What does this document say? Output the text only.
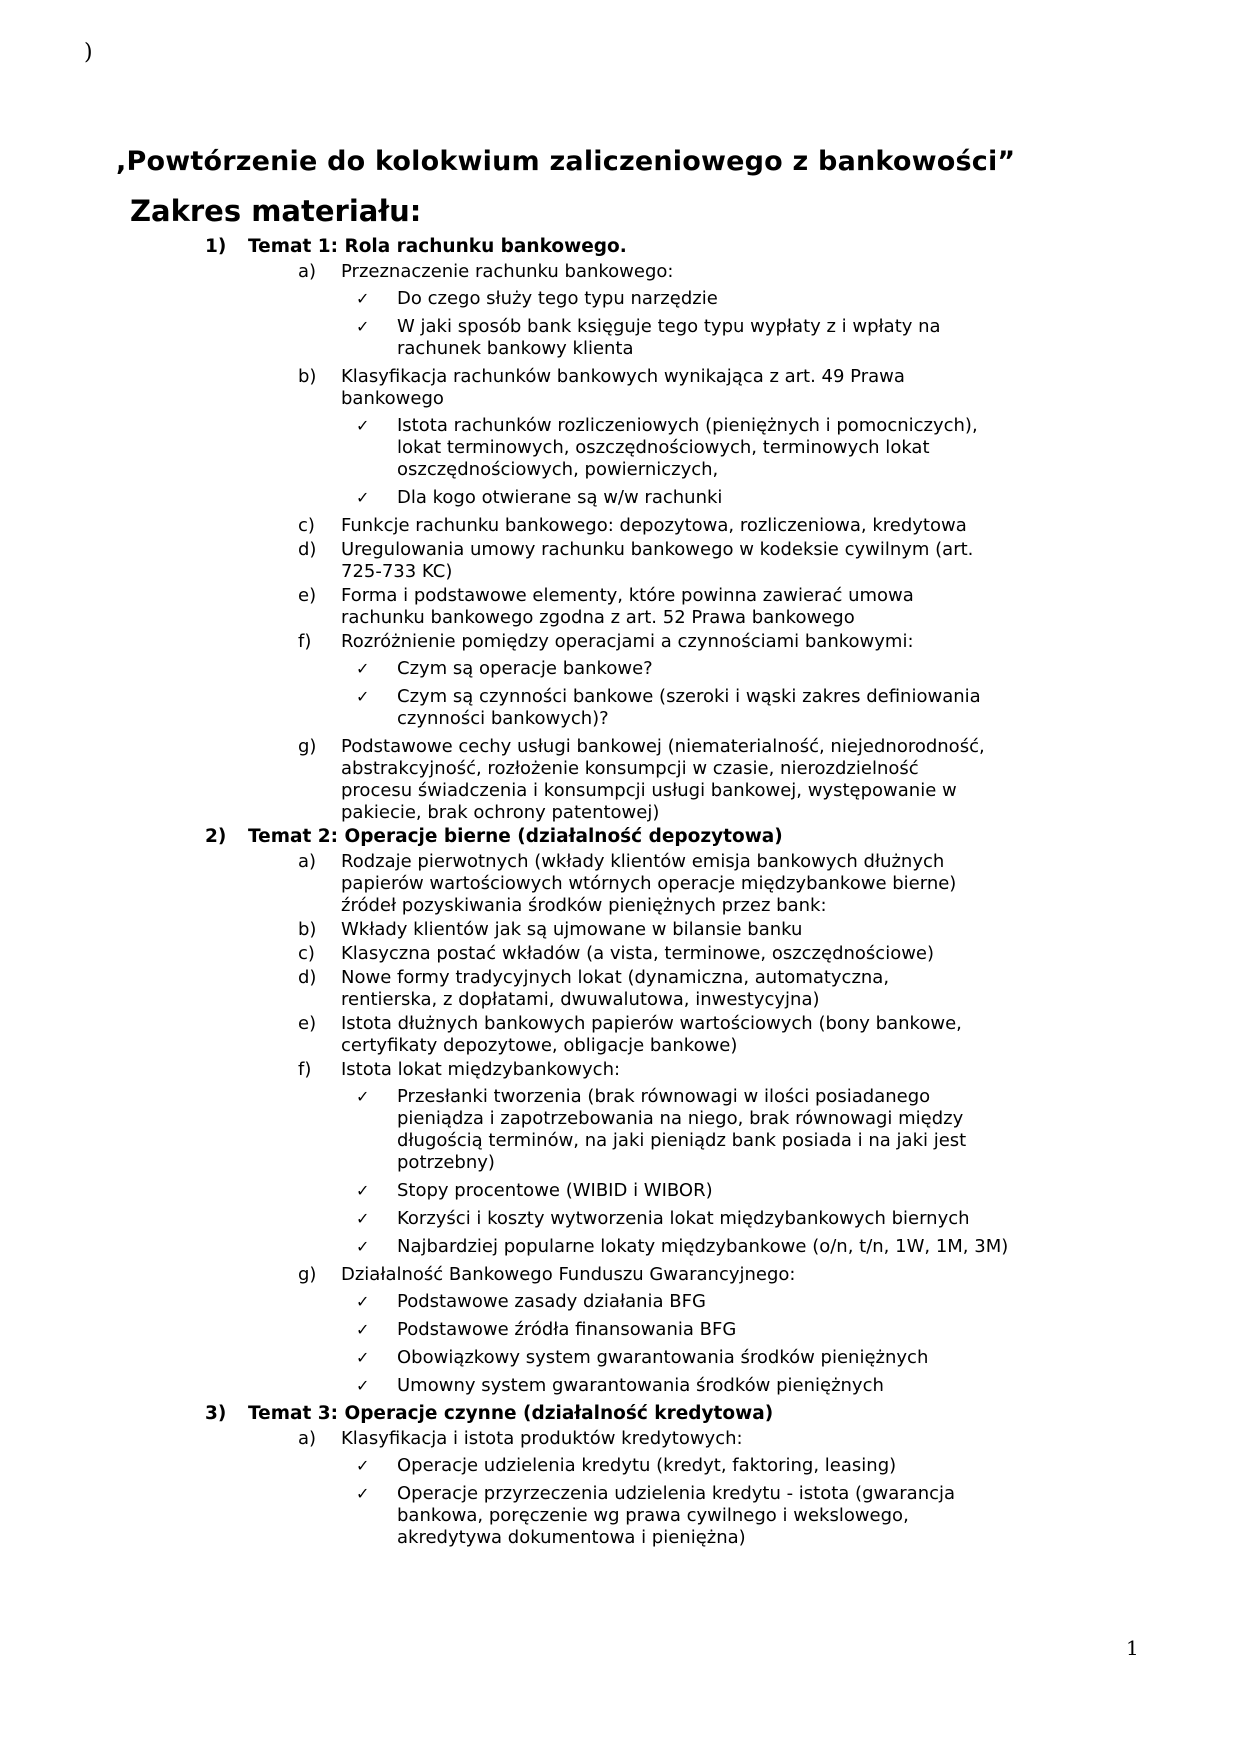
)
,Powtórzenie do kolokwium zaliczeniowego z bankowości”
Zakres materiału:
1)	Temat 1: Rola rachunku bankowego.
a)	Przeznaczenie rachunku bankowego:
✓	Do czego służy tego typu narzędzie
✓	W jaki sposób bank księguje tego typu wypłaty z i wpłaty na rachunek bankowy klienta
b)	Klasyfikacja rachunków bankowych wynikająca z art. 49 Prawa bankowego
✓	Istota rachunków rozliczeniowych (pieniężnych i pomocniczych), lokat terminowych, oszczędnościowych, terminowych lokat oszczędnościowych, powierniczych,
✓	Dla kogo otwierane są w/w rachunki
c)	Funkcje rachunku bankowego: depozytowa, rozliczeniowa, kredytowa
d)	Uregulowania umowy rachunku bankowego w kodeksie cywilnym (art. 725-733 KC)
e)	Forma i podstawowe elementy, które powinna zawierać umowa rachunku bankowego zgodna z art. 52 Prawa bankowego
f)	Rozróżnienie pomiędzy operacjami a czynnościami bankowymi:
✓	Czym są operacje bankowe?
✓	Czym są czynności bankowe (szeroki i wąski zakres definiowania czynności bankowych)?
g)	Podstawowe cechy usługi bankowej (niematerialność, niejednorodność, abstrakcyjność, rozłożenie konsumpcji w czasie, nierozdzielność procesu świadczenia i konsumpcji usługi bankowej, występowanie w pakiecie, brak ochrony patentowej)
2)	Temat 2: Operacje bierne (działalność depozytowa)
a)	Rodzaje pierwotnych (wkłady klientów emisja bankowych dłużnych papierów wartościowych wtórnych operacje międzybankowe bierne) źródeł pozyskiwania środków pieniężnych przez bank:
b)	Wkłady klientów jak są ujmowane w bilansie banku
c)	Klasyczna postać wkładów (a vista, terminowe, oszczędnościowe)
d)	Nowe formy tradycyjnych lokat (dynamiczna, automatyczna, rentierska, z dopłatami, dwuwalutowa, inwestycyjna)
e)	Istota dłużnych bankowych papierów wartościowych (bony bankowe, certyfikaty depozytowe, obligacje bankowe)
f)	Istota lokat międzybankowych:
✓	Przesłanki tworzenia (brak równowagi w ilości posiadanego pieniądza i zapotrzebowania na niego, brak równowagi między długością terminów, na jaki pieniądz bank posiada i na jaki jest potrzebny)
✓	Stopy procentowe (WIBID i WIBOR)
✓	Korzyści i koszty wytworzenia lokat międzybankowych biernych
✓	Najbardziej popularne lokaty międzybankowe (o/n, t/n, 1W, 1M, 3M)
g)	Działalność Bankowego Funduszu Gwarancyjnego:
✓	Podstawowe zasady działania BFG
✓	Podstawowe źródła finansowania BFG
✓	Obowiązkowy system gwarantowania środków pieniężnych
✓	Umowny system gwarantowania środków pieniężnych
3)	Temat 3: Operacje czynne (działalność kredytowa)
a)	Klasyfikacja i istota produktów kredytowych:
✓	Operacje udzielenia kredytu (kredyt, faktoring, leasing)
✓	Operacje przyrzeczenia udzielenia kredytu - istota (gwarancja bankowa, poręczenie wg prawa cywilnego i wekslowego, akredytywa dokumentowa i pieniężna)
1
